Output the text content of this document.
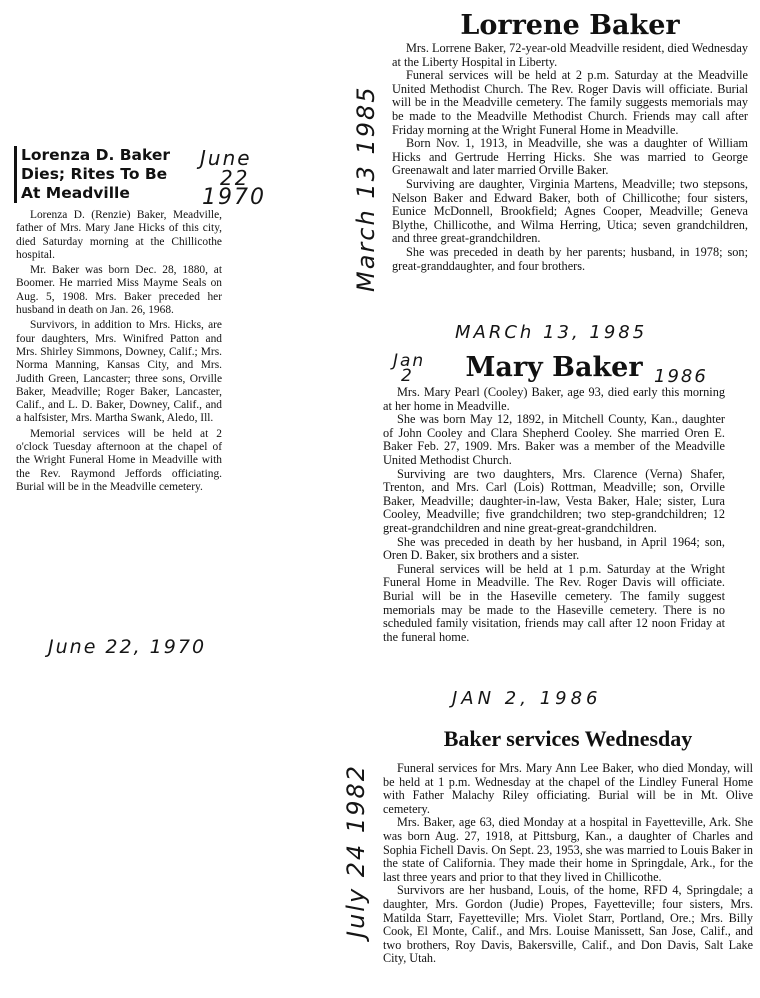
Lorenza D. Baker
Dies; Rites To Be
At Meadville

Lorenza D. (Renzie) Baker, Meadville, father of Mrs. Mary Jane Hicks of this city, died Saturday morning at the Chillicothe hospital.

Mr. Baker was born Dec. 28, 1880, at Boomer. He married Miss Mayme Seals on Aug. 5, 1908. Mrs. Baker preceded her husband in death on Jan. 26, 1968.

Survivors, in addition to Mrs. Hicks, are four daughters, Mrs. Winifred Patton and Mrs. Shirley Simmons, Downey, Calif.; Mrs. Norma Manning, Kansas City, and Mrs. Judith Green, Lancaster; three sons, Orville Baker, Meadville; Roger Baker, Lancaster, Calif., and L. D. Baker, Downey, Calif., and a halfsister, Mrs. Martha Swank, Aledo, Ill.

Memorial services will be held at 2 o'clock Tuesday afternoon at the chapel of the Wright Funeral Home in Meadville with the Rev. Raymond Jeffords officiating. Burial will be in the Meadville cemetery.

June
22
1970
June 22, 1970
Lorrene Baker

Mrs. Lorrene Baker, 72-year-old Meadville resident, died Wednesday at the Liberty Hospital in Liberty.

Funeral services will be held at 2 p.m. Saturday at the Meadville United Methodist Church. The Rev. Roger Davis will officiate. Burial will be in the Meadville cemetery. The family suggests memorials may be made to the Meadville Methodist Church. Friends may call after Friday morning at the Wright Funeral Home in Meadville.

Born Nov. 1, 1913, in Meadville, she was a daughter of William Hicks and Gertrude Herring Hicks. She was married to George Greenawalt and later married Orville Baker.

Surviving are daughter, Virginia Martens, Meadville; two stepsons, Nelson Baker and Edward Baker, both of Chillicothe; four sisters, Eunice McDonnell, Brookfield; Agnes Cooper, Meadville; Geneva Blythe, Chillicothe, and Wilma Herring, Utica; seven grandchildren, and three great-grandchildren.

She was preceded in death by her parents; husband, in 1978; son; great-granddaughter, and four brothers.

March 13 1985
MARCh 13, 1985
Jan
2	1986
Mary Baker

Mrs. Mary Pearl (Cooley) Baker, age 93, died early this morning at her home in Meadville.

She was born May 12, 1892, in Mitchell County, Kan., daughter of John Cooley and Clara Shepherd Cooley. She married Oren E. Baker Feb. 27, 1909. Mrs. Baker was a member of the Meadville United Methodist Church.

Surviving are two daughters, Mrs. Clarence (Verna) Shafer, Trenton, and Mrs. Carl (Lois) Rottman, Meadville; son, Orville Baker, Meadville; daughter-in-law, Vesta Baker, Hale; sister, Lura Cooley, Meadville; five grandchildren; two step-grandchildren; 12 great-grandchildren and nine great-great-grandchildren.

She was preceded in death by her husband, in April 1964; son, Oren D. Baker, six brothers and a sister.

Funeral services will be held at 1 p.m. Saturday at the Wright Funeral Home in Meadville. The Rev. Roger Davis will officiate. Burial will be in the Haseville cemetery. The family suggest memorials may be made to the Haseville cemetery. There is no scheduled family visitation, friends may call after 12 noon Friday at the funeral home.

JAN 2, 1986
Baker services Wednesday

Funeral services for Mrs. Mary Ann Lee Baker, who died Monday, will be held at 1 p.m. Wednesday at the chapel of the Lindley Funeral Home with Father Malachy Riley officiating. Burial will be in Mt. Olive cemetery.

Mrs. Baker, age 63, died Monday at a hospital in Fayetteville, Ark. She was born Aug. 27, 1918, at Pittsburg, Kan., a daughter of Charles and Sophia Fichell Davis. On Sept. 23, 1953, she was married to Louis Baker in the state of California. They made their home in Springdale, Ark., for the last three years and prior to that they lived in Chillicothe.

Survivors are her husband, Louis, of the home, RFD 4, Springdale; a daughter, Mrs. Gordon (Judie) Propes, Fayetteville; four sisters, Mrs. Matilda Starr, Fayetteville; Mrs. Violet Starr, Portland, Ore.; Mrs. Billy Cook, El Monte, Calif., and Mrs. Louise Manissett, San Jose, Calif., and two brothers, Roy Davis, Bakersville, Calif., and Don Davis, Salt Lake City, Utah.

July 24 1982
